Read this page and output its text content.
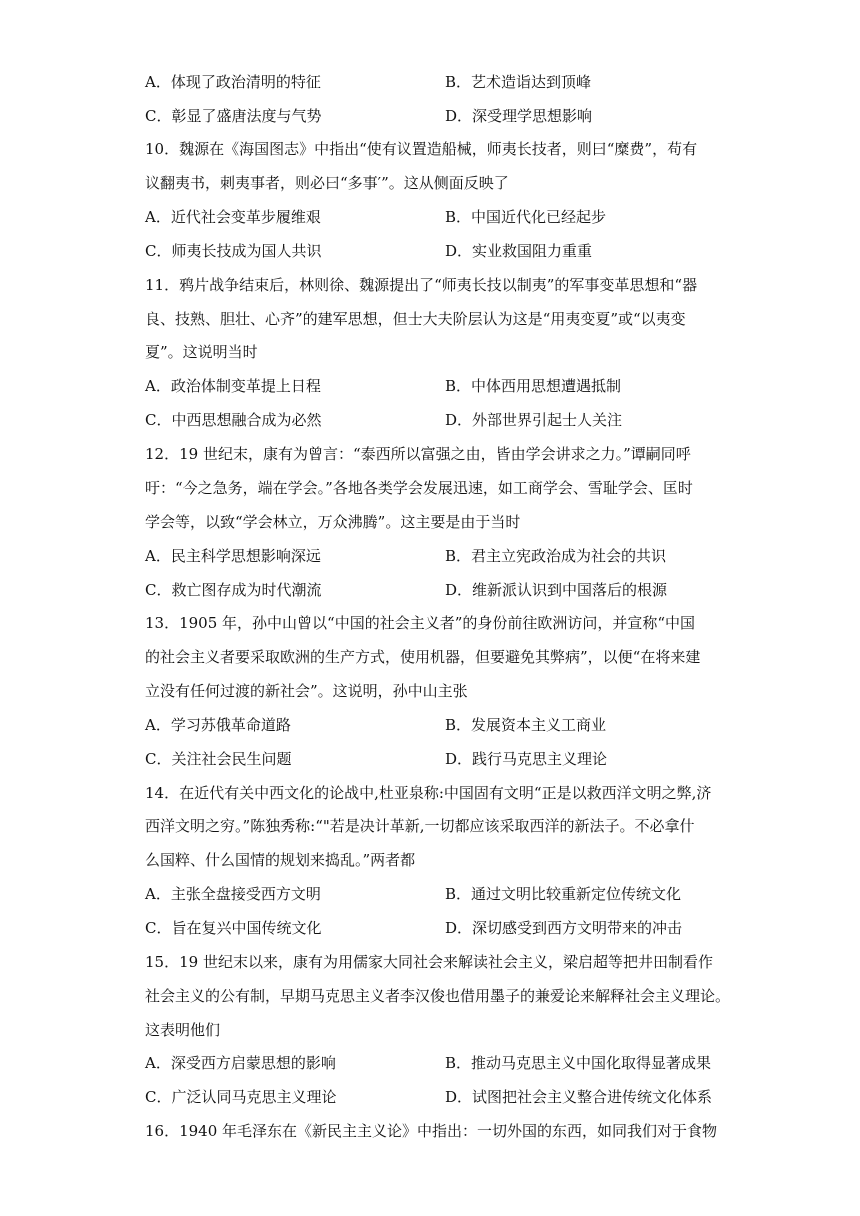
A．体现了政治清明的特征	B．艺术造诣达到顶峰
C．彰显了盛唐法度与气势	D．深受理学思想影响
10．魏源在《海国图志》中指出“使有议置造船械，师夷长技者，则曰“糜费”，苟有
议翻夷书，刺夷事者，则必曰“多事′”。这从侧面反映了
A．近代社会变革步履维艰	B．中国近代化已经起步
C．师夷长技成为国人共识	D．实业救国阻力重重
11．鸦片战争结束后，林则徐、魏源提出了“师夷长技以制夷”的军事变革思想和“器
良、技熟、胆壮、心齐”的建军思想，但士大夫阶层认为这是“用夷变夏”或“以夷变
夏”。这说明当时
A．政治体制变革提上日程	B．中体西用思想遭遇抵制
C．中西思想融合成为必然	D．外部世界引起士人关注
12．19 世纪末，康有为曾言：“泰西所以富强之由，皆由学会讲求之力。”谭嗣同呼
吁：“今之急务，端在学会。”各地各类学会发展迅速，如工商学会、雪耻学会、匡时
学会等，以致“学会林立，万众沸腾”。这主要是由于当时
A．民主科学思想影响深远	B．君主立宪政治成为社会的共识
C．救亡图存成为时代潮流	D．维新派认识到中国落后的根源
13．1905 年，孙中山曾以“中国的社会主义者”的身份前往欧洲访问，并宣称“中国
的社会主义者要采取欧洲的生产方式，使用机器，但要避免其弊病”，以便“在将来建
立没有任何过渡的新社会”。这说明，孙中山主张
A．学习苏俄革命道路	B．发展资本主义工商业
C．关注社会民生问题	D．践行马克思主义理论
14．在近代有关中西文化的论战中,杜亚泉称:中国固有文明“正是以救西洋文明之弊,济
西洋文明之穷。”陈独秀称:“"若是决计革新,一切都应该采取西洋的新法子。不必拿什
么国粹、什么国情的规划来捣乱。”两者都
A．主张全盘接受西方文明	B．通过文明比较重新定位传统文化
C．旨在复兴中国传统文化	D．深切感受到西方文明带来的冲击
15．19 世纪末以来，康有为用儒家大同社会来解读社会主义，梁启超等把井田制看作
社会主义的公有制，早期马克思主义者李汉俊也借用墨子的兼爱论来解释社会主义理论。
这表明他们
A．深受西方启蒙思想的影响	B．推动马克思主义中国化取得显著成果
C．广泛认同马克思主义理论	D．试图把社会主义整合进传统文化体系
16．1940 年毛泽东在《新民主主义论》中指出：一切外国的东西，如同我们对于食物
